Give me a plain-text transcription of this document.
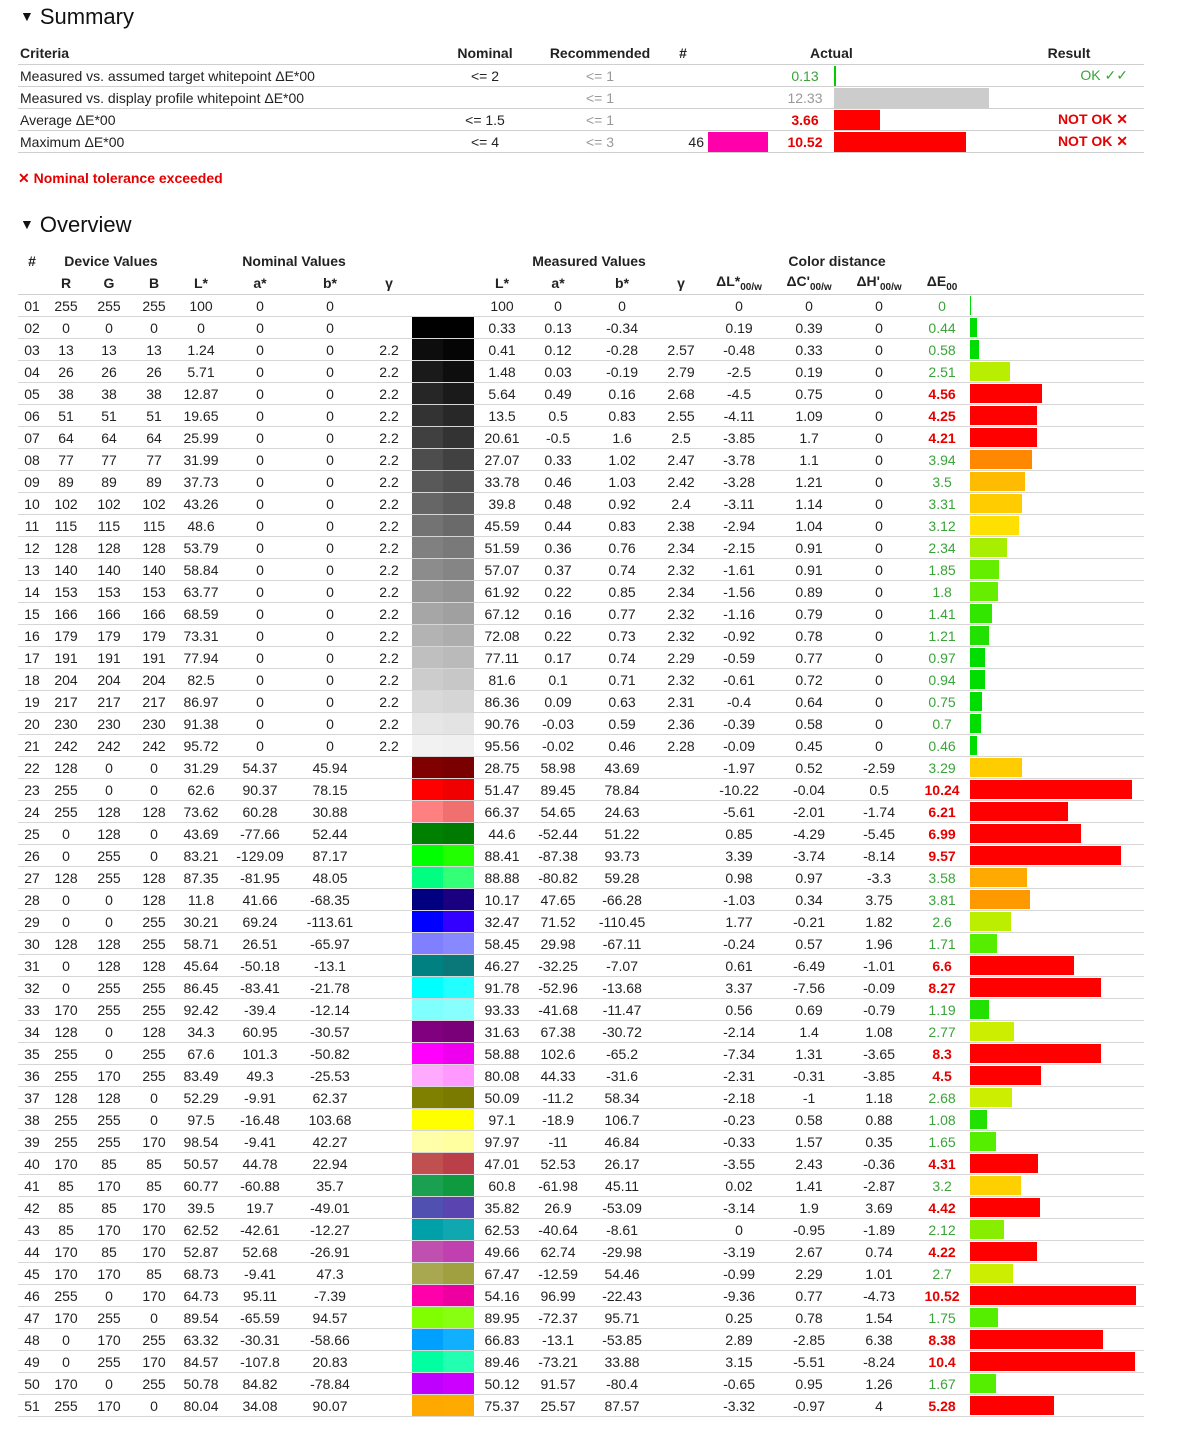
▼ Summary
Criteria	Nominal	Recommended	#		Actual		Result
Measured vs. assumed target whitepoint ΔE*00	<= 2	<= 1			0.13		OK ✓✓
Measured vs. display profile whitepoint ΔE*00		<= 1			12.33		
Average ΔE*00	<= 1.5	<= 1			3.66		NOT OK ✕
Maximum ΔE*00	<= 4	<= 3	46		10.52		NOT OK ✕
✕ Nominal tolerance exceeded
▼ Overview
#	Device Values			Nominal Values					Measured Values				Color distance				
	R	G	B	L*	a*	b*	γ		L*	a*	b*	γ	$\Delta L*_{00/w}$	$\Delta C'_{00/w}$	$\Delta H'_{00/w}$	$\Delta E_{00}$	
01	255	255	255	100	0	0			100	0	0		0	0	0	0	
02	0	0	0	0	0	0			0.33	0.13	-0.34		0.19	0.39	0	0.44	
03	13	13	13	1.24	0	0	2.2		0.41	0.12	-0.28	2.57	-0.48	0.33	0	0.58	
04	26	26	26	5.71	0	0	2.2		1.48	0.03	-0.19	2.79	-2.5	0.19	0	2.51	
05	38	38	38	12.87	0	0	2.2		5.64	0.49	0.16	2.68	-4.5	0.75	0	4.56	
06	51	51	51	19.65	0	0	2.2		13.5	0.5	0.83	2.55	-4.11	1.09	0	4.25	
07	64	64	64	25.99	0	0	2.2		20.61	-0.5	1.6	2.5	-3.85	1.7	0	4.21	
08	77	77	77	31.99	0	0	2.2		27.07	0.33	1.02	2.47	-3.78	1.1	0	3.94	
09	89	89	89	37.73	0	0	2.2		33.78	0.46	1.03	2.42	-3.28	1.21	0	3.5	
10	102	102	102	43.26	0	0	2.2		39.8	0.48	0.92	2.4	-3.11	1.14	0	3.31	
11	115	115	115	48.6	0	0	2.2		45.59	0.44	0.83	2.38	-2.94	1.04	0	3.12	
12	128	128	128	53.79	0	0	2.2		51.59	0.36	0.76	2.34	-2.15	0.91	0	2.34	
13	140	140	140	58.84	0	0	2.2		57.07	0.37	0.74	2.32	-1.61	0.91	0	1.85	
14	153	153	153	63.77	0	0	2.2		61.92	0.22	0.85	2.34	-1.56	0.89	0	1.8	
15	166	166	166	68.59	0	0	2.2		67.12	0.16	0.77	2.32	-1.16	0.79	0	1.41	
16	179	179	179	73.31	0	0	2.2		72.08	0.22	0.73	2.32	-0.92	0.78	0	1.21	
17	191	191	191	77.94	0	0	2.2		77.11	0.17	0.74	2.29	-0.59	0.77	0	0.97	
18	204	204	204	82.5	0	0	2.2		81.6	0.1	0.71	2.32	-0.61	0.72	0	0.94	
19	217	217	217	86.97	0	0	2.2		86.36	0.09	0.63	2.31	-0.4	0.64	0	0.75	
20	230	230	230	91.38	0	0	2.2		90.76	-0.03	0.59	2.36	-0.39	0.58	0	0.7	
21	242	242	242	95.72	0	0	2.2		95.56	-0.02	0.46	2.28	-0.09	0.45	0	0.46	
22	128	0	0	31.29	54.37	45.94			28.75	58.98	43.69		-1.97	0.52	-2.59	3.29	
23	255	0	0	62.6	90.37	78.15			51.47	89.45	78.84		-10.22	-0.04	0.5	10.24	
24	255	128	128	73.62	60.28	30.88			66.37	54.65	24.63		-5.61	-2.01	-1.74	6.21	
25	0	128	0	43.69	-77.66	52.44			44.6	-52.44	51.22		0.85	-4.29	-5.45	6.99	
26	0	255	0	83.21	-129.09	87.17			88.41	-87.38	93.73		3.39	-3.74	-8.14	9.57	
27	128	255	128	87.35	-81.95	48.05			88.88	-80.82	59.28		0.98	0.97	-3.3	3.58	
28	0	0	128	11.8	41.66	-68.35			10.17	47.65	-66.28		-1.03	0.34	3.75	3.81	
29	0	0	255	30.21	69.24	-113.61			32.47	71.52	-110.45		1.77	-0.21	1.82	2.6	
30	128	128	255	58.71	26.51	-65.97			58.45	29.98	-67.11		-0.24	0.57	1.96	1.71	
31	0	128	128	45.64	-50.18	-13.1			46.27	-32.25	-7.07		0.61	-6.49	-1.01	6.6	
32	0	255	255	86.45	-83.41	-21.78			91.78	-52.96	-13.68		3.37	-7.56	-0.09	8.27	
33	170	255	255	92.42	-39.4	-12.14			93.33	-41.68	-11.47		0.56	0.69	-0.79	1.19	
34	128	0	128	34.3	60.95	-30.57			31.63	67.38	-30.72		-2.14	1.4	1.08	2.77	
35	255	0	255	67.6	101.3	-50.82			58.88	102.6	-65.2		-7.34	1.31	-3.65	8.3	
36	255	170	255	83.49	49.3	-25.53			80.08	44.33	-31.6		-2.31	-0.31	-3.85	4.5	
37	128	128	0	52.29	-9.91	62.37			50.09	-11.2	58.34		-2.18	-1	1.18	2.68	
38	255	255	0	97.5	-16.48	103.68			97.1	-18.9	106.7		-0.23	0.58	0.88	1.08	
39	255	255	170	98.54	-9.41	42.27			97.97	-11	46.84		-0.33	1.57	0.35	1.65	
40	170	85	85	50.57	44.78	22.94			47.01	52.53	26.17		-3.55	2.43	-0.36	4.31	
41	85	170	85	60.77	-60.88	35.7			60.8	-61.98	45.11		0.02	1.41	-2.87	3.2	
42	85	85	170	39.5	19.7	-49.01			35.82	26.9	-53.09		-3.14	1.9	3.69	4.42	
43	85	170	170	62.52	-42.61	-12.27			62.53	-40.64	-8.61		0	-0.95	-1.89	2.12	
44	170	85	170	52.87	52.68	-26.91			49.66	62.74	-29.98		-3.19	2.67	0.74	4.22	
45	170	170	85	68.73	-9.41	47.3			67.47	-12.59	54.46		-0.99	2.29	1.01	2.7	
46	255	0	170	64.73	95.11	-7.39			54.16	96.99	-22.43		-9.36	0.77	-4.73	10.52	
47	170	255	0	89.54	-65.59	94.57			89.95	-72.37	95.71		0.25	0.78	1.54	1.75	
48	0	170	255	63.32	-30.31	-58.66			66.83	-13.1	-53.85		2.89	-2.85	6.38	8.38	
49	0	255	170	84.57	-107.8	20.83			89.46	-73.21	33.88		3.15	-5.51	-8.24	10.4	
50	170	0	255	50.78	84.82	-78.84			50.12	91.57	-80.4		-0.65	0.95	1.26	1.67	
51	255	170	0	80.04	34.08	90.07			75.37	25.57	87.57		-3.32	-0.97	4	5.28	
